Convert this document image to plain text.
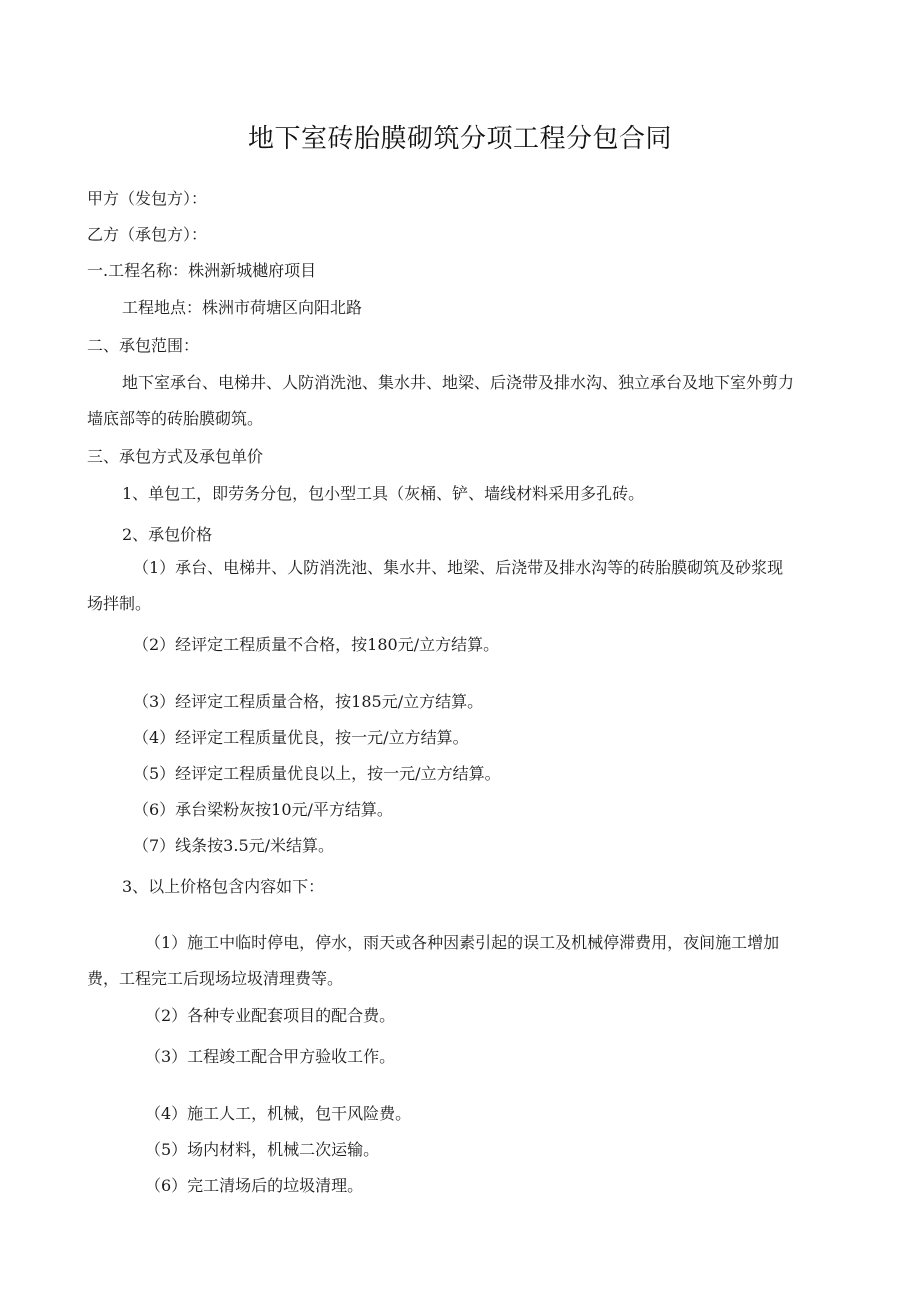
地下室砖胎膜砌筑分项工程分包合同
甲方（发包方）：
乙方（承包方）：
一.工程名称：株洲新城樾府项目
工程地点：株洲市荷塘区向阳北路
二、承包范围：
地下室承台、电梯井、人防消洗池、集水井、地梁、后浇带及排水沟、独立承台及地下室外剪力
墙底部等的砖胎膜砌筑。
三、承包方式及承包单价
1、单包工，即劳务分包，包小型工具（灰桶、铲、墙线材料采用多孔砖。
2、承包价格
（1）承台、电梯井、人防消洗池、集水井、地梁、后浇带及排水沟等的砖胎膜砌筑及砂浆现
场拌制。
（2）经评定工程质量不合格，按180元/立方结算。
（3）经评定工程质量合格，按185元/立方结算。
（4）经评定工程质量优良，按一元/立方结算。
（5）经评定工程质量优良以上，按一元/立方结算。
（6）承台梁粉灰按10元/平方结算。
（7）线条按3.5元/米结算。
3、以上价格包含内容如下：
（1）施工中临时停电，停水，雨天或各种因素引起的误工及机械停滞费用，夜间施工增加
费，工程完工后现场垃圾清理费等。
（2）各种专业配套项目的配合费。
（3）工程竣工配合甲方验收工作。
（4）施工人工，机械，包干风险费。
（5）场内材料，机械二次运输。
（6）完工清场后的垃圾清理。
